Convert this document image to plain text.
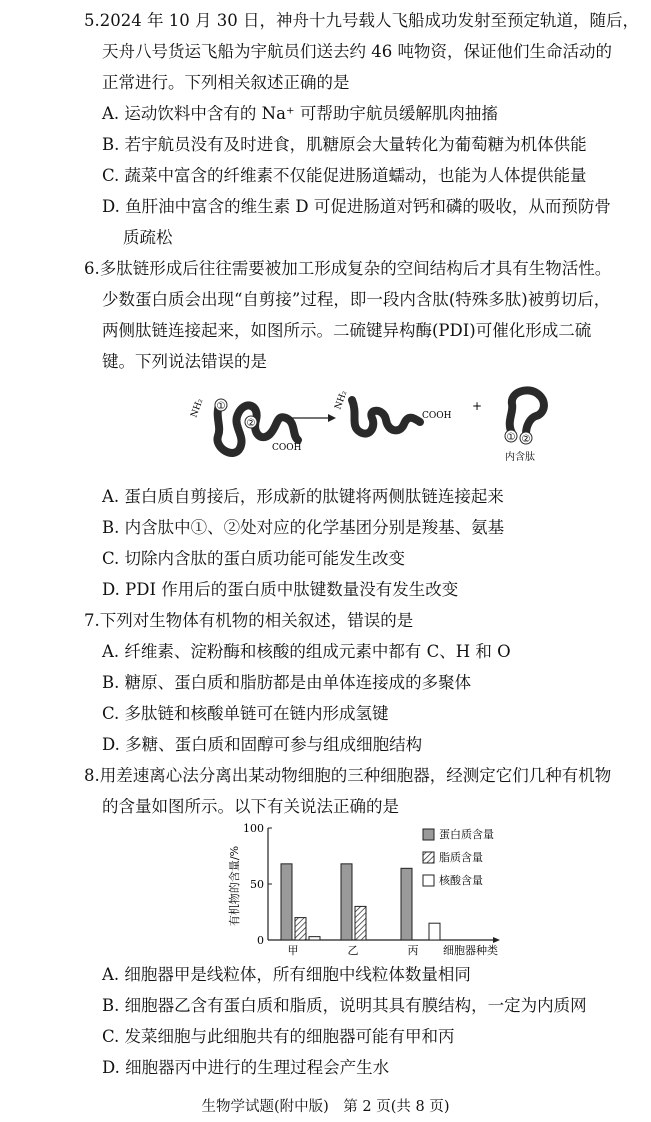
5.2024 年 10 月 30 日，神舟十九号载人飞船成功发射至预定轨道，随后，
天舟八号货运飞船为宇航员们送去约 46 吨物资，保证他们生命活动的
正常进行。下列相关叙述正确的是
A. 运动饮料中含有的 Na⁺ 可帮助宇航员缓解肌肉抽搐
B. 若宇航员没有及时进食，肌糖原会大量转化为葡萄糖为机体供能
C. 蔬菜中富含的纤维素不仅能促进肠道蠕动，也能为人体提供能量
D. 鱼肝油中富含的维生素 D 可促进肠道对钙和磷的吸收，从而预防骨
质疏松
6.多肽链形成后往往需要被加工形成复杂的空间结构后才具有生物活性。
少数蛋白质会出现“自剪接”过程，即一段内含肽(特殊多肽)被剪切后，
两侧肽链连接起来，如图所示。二硫键异构酶(PDI)可催化形成二硫
键。下列说法错误的是
①
②
NH₂
COOH
NH₂
COOH
+
① ②
内含肽
A. 蛋白质自剪接后，形成新的肽键将两侧肽链连接起来
B. 内含肽中①、②处对应的化学基团分别是羧基、氨基
C. 切除内含肽的蛋白质功能可能发生改变
D. PDI 作用后的蛋白质中肽键数量没有发生改变
7.下列对生物体有机物的相关叙述，错误的是
A. 纤维素、淀粉酶和核酸的组成元素中都有 C、H 和 O
B. 糖原、蛋白质和脂肪都是由单体连接成的多聚体
C. 多肽链和核酸单链可在链内形成氢键
D. 多糖、蛋白质和固醇可参与组成细胞结构
8.用差速离心法分离出某动物细胞的三种细胞器，经测定它们几种有机物
的含量如图所示。以下有关说法正确的是
有机物的含量/%
0
50
100
甲	乙	丙 细胞器种类
蛋白质含量
脂质含量
核酸含量
A. 细胞器甲是线粒体，所有细胞中线粒体数量相同
B. 细胞器乙含有蛋白质和脂质，说明其具有膜结构，一定为内质网
C. 发菜细胞与此细胞共有的细胞器可能有甲和丙
D. 细胞器丙中进行的生理过程会产生水
生物学试题(附中版)　第 2 页(共 8 页)
